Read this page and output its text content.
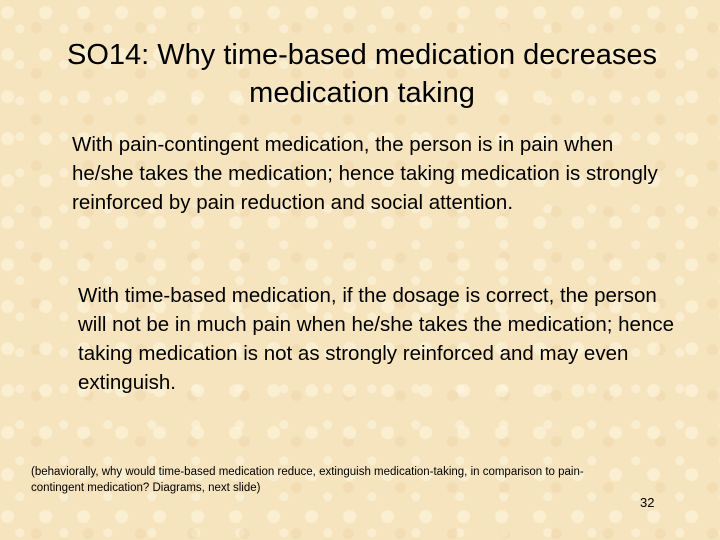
SO14: Why time-based medication decreases
medication taking
With pain-contingent medication, the person is in pain when he/she takes the medication; hence taking medication is strongly reinforced by pain reduction and social attention.
With time-based medication, if the dosage is correct, the person will not be in much pain when he/she takes the medication; hence taking medication is not as strongly reinforced and may even extinguish.
(behaviorally, why would time-based medication reduce, extinguish medication-taking, in comparison to pain-contingent medication? Diagrams, next slide)
32
